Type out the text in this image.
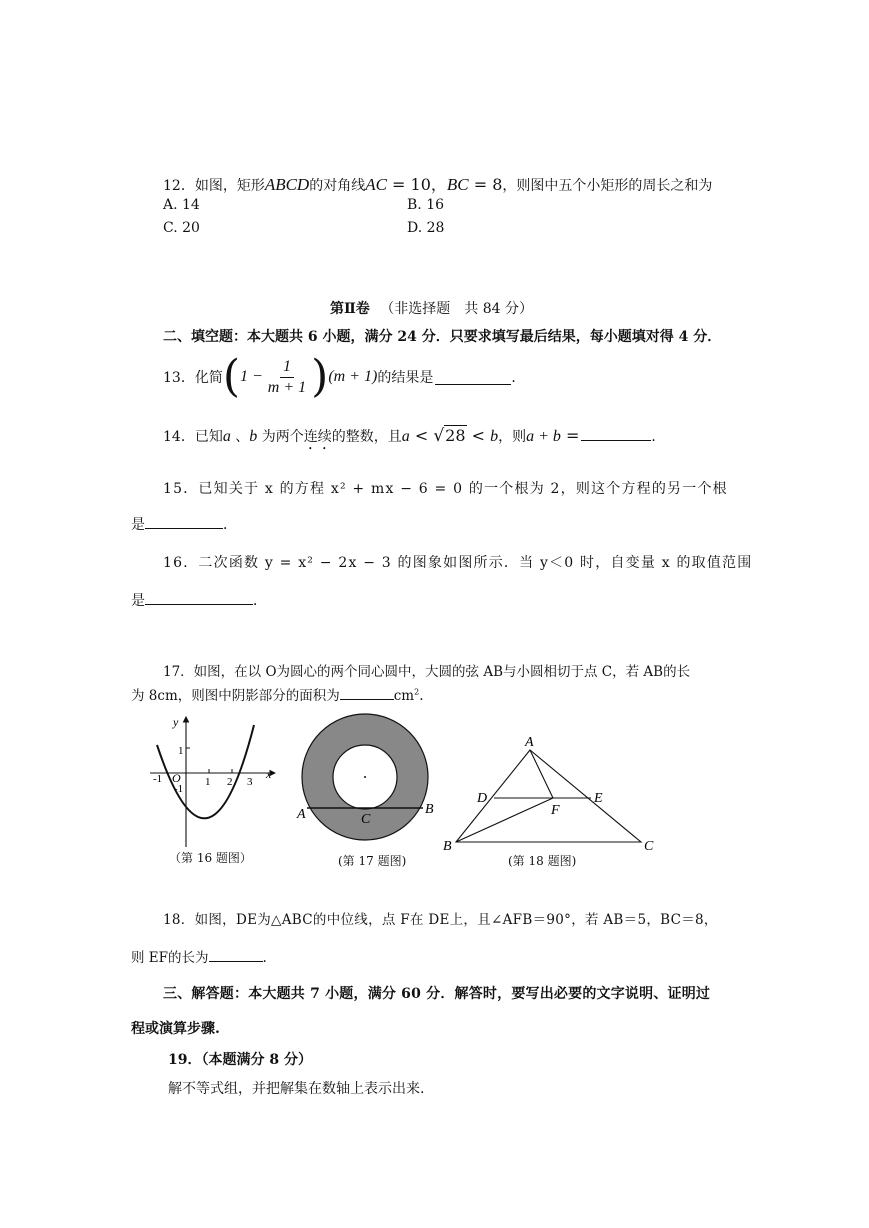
12．如图，矩形ABCD的对角线AC = 10，BC = 8，则图中五个小矩形的周长之和为
A. 14	B. 16
C. 20	D. 28
第Ⅱ卷 （非选择题　共 84 分）
二、填空题：本大题共 6 小题，满分 24 分．只要求填写最后结果，每小题填对得 4 分．
13．化简 ( $1 - \frac{1}{m + 1}$ ) (m + 1) 的结果是	．
14．已知a 、b 为两个连续的整数，且a < √28 < b，则a + b =	．
15．已知关于 x 的方程 x² + mx − 6 = 0 的一个根为 2，则这个方程的另一个根
是	．
16．二次函数 y = x² − 2x − 3 的图象如图所示．当 y＜0 时，自变量 x 的取值范围
是	．
17．如图，在以 O为圆心的两个同心圆中，大圆的弦 AB与小圆相切于点 C，若 AB的长
为 8cm，则图中阴影部分的面积为	$cm^2$.
y
x
O
1
-1
-1	1 2 3
（第 16 题图）
A	B
C
(第 17 题图)
A
B	C
D	E
F
(第 18 题图)
18．如图，DE为△ABC的中位线，点 F在 DE上，且∠AFB＝90°，若 AB＝5，BC＝8，
则 EF的长为	.
三、解答题：本大题共 7 小题，满分 60 分．解答时，要写出必要的文字说明、证明过
程或演算步骤.
19．（本题满分 8 分）
解不等式组，并把解集在数轴上表示出来.
